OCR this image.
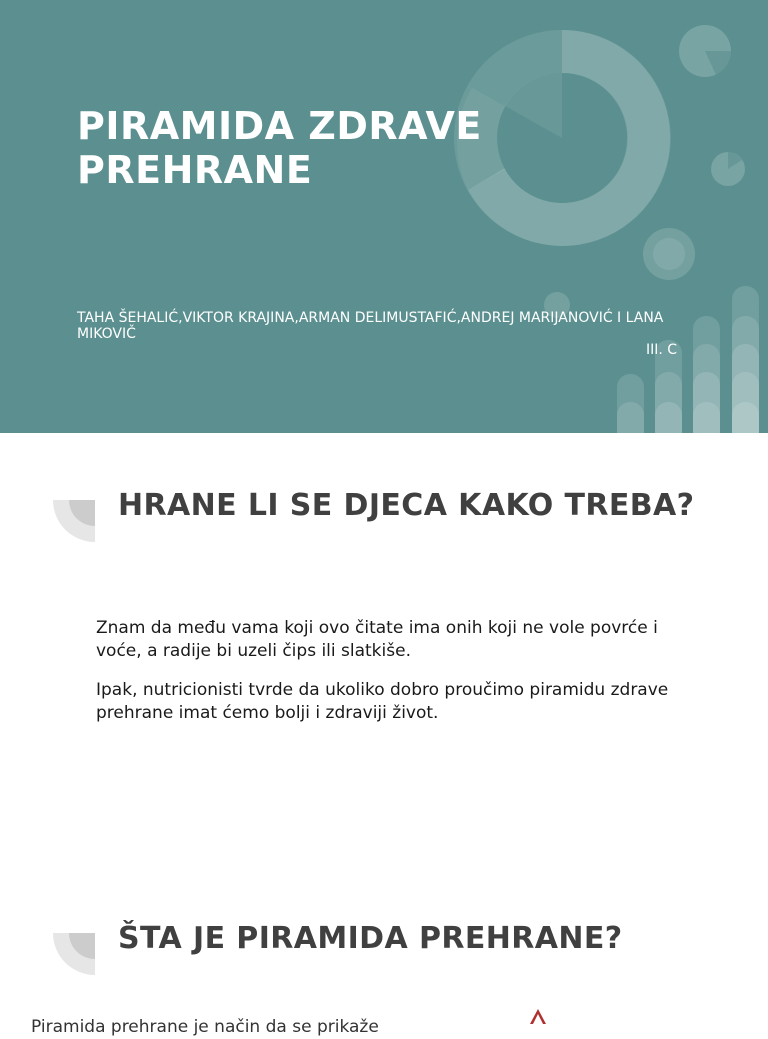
PIRAMIDA ZDRAVE PREHRANE

TAHA ŠEHALIĆ,VIKTOR KRAJINA,ARMAN DELIMUSTAFIĆ,ANDREJ MARIJANOVIĆ I LANA MIKOVIČ

III. C

HRANE LI SE DJECA KAKO TREBA?

Znam da među vama koji ovo čitate ima onih koji ne vole povrće i voće, a radije bi uzeli čips ili slatkiše.

Ipak, nutricionisti tvrde da ukoliko dobro proučimo piramidu zdrave prehrane imat ćemo bolji i zdraviji život.

ŠTA JE PIRAMIDA PREHRANE?

Piramida prehrane je način da se prikaže
